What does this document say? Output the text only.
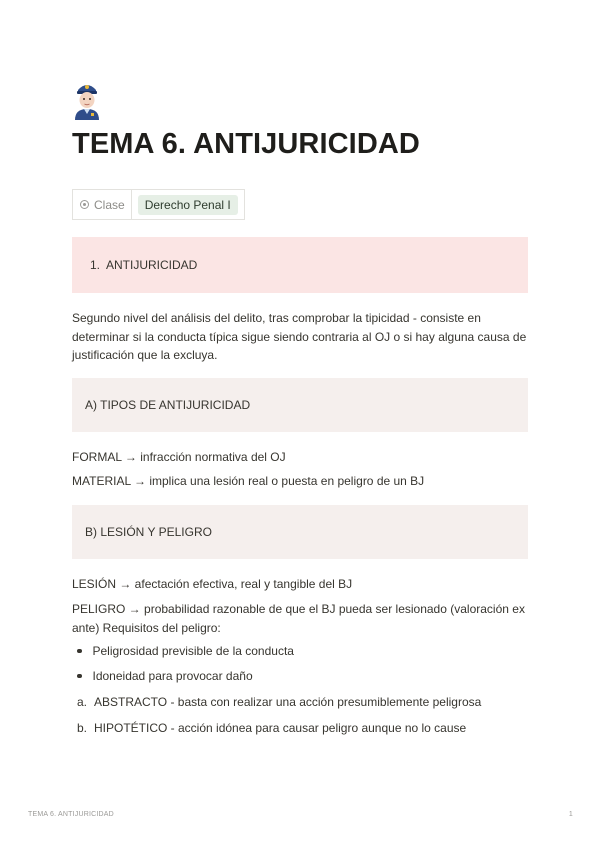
TEMA 6. ANTIJURICIDAD
Clase	Derecho Penal I
1. ANTIJURICIDAD

Segundo nivel del análisis del delito, tras comprobar la tipicidad - consiste en determinar si la conducta típica sigue siendo contraria al OJ o si hay alguna causa de justificación que la excluya.

A) TIPOS DE ANTIJURICIDAD
FORMAL → infracción normativa del OJ
MATERIAL → implica una lesión real o puesta en peligro de un BJ
B) LESIÓN Y PELIGRO
LESIÓN → afectación efectiva, real y tangible del BJ

PELIGRO → probabilidad razonable de que el BJ pueda ser lesionado (valoración ex ante) Requisitos del peligro:

Peligrosidad previsible de la conducta
Idoneidad para provocar daño
a. ABSTRACTO - basta con realizar una acción presumiblemente peligrosa
b. HIPOTÉTICO - acción idónea para causar peligro aunque no lo cause
TEMA 6. ANTIJURICIDAD	1
